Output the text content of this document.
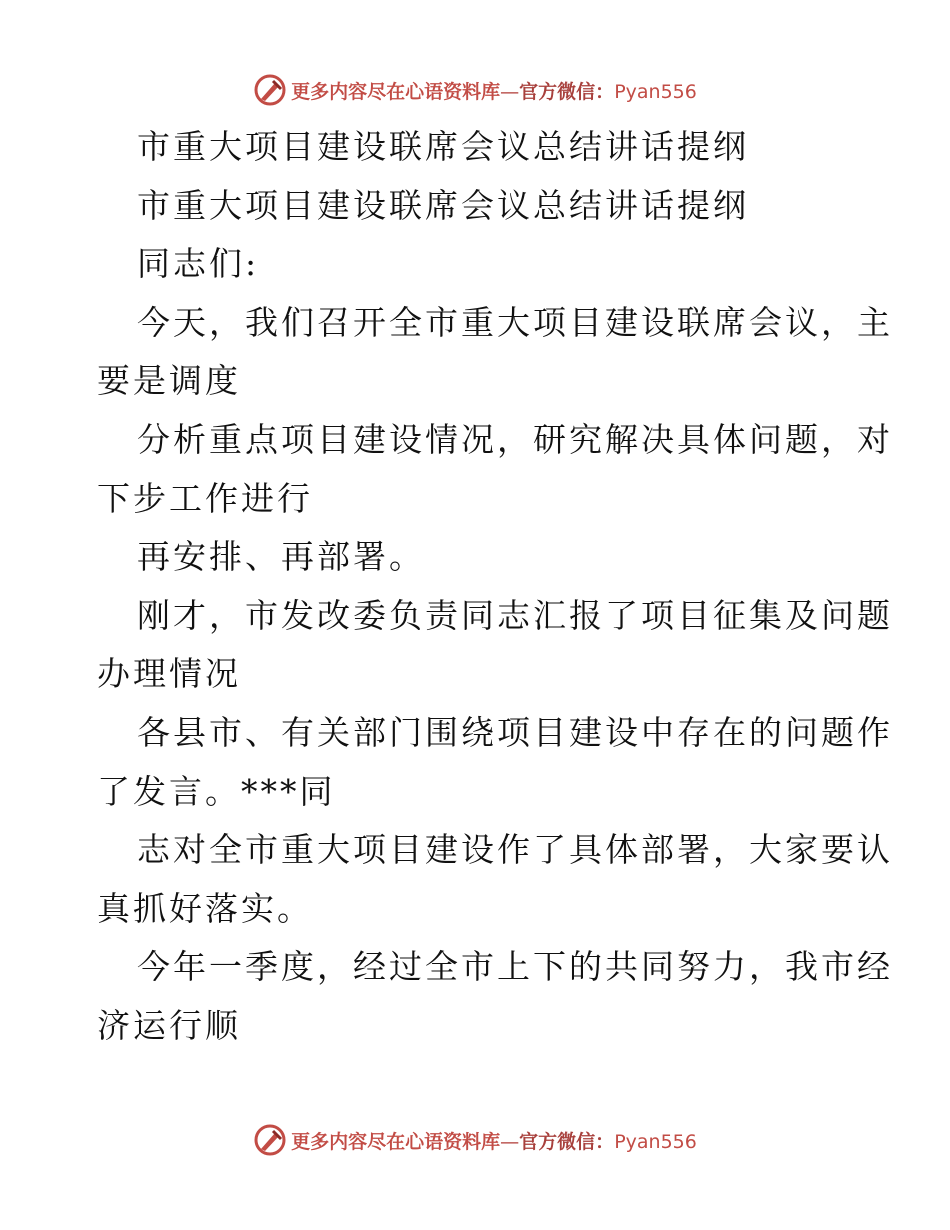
更多内容尽在心语资料库—官方微信：Pyan556
市重大项目建设联席会议总结讲话提纲
市重大项目建设联席会议总结讲话提纲
同志们:
今天，我们召开全市重大项目建设联席会议，主
要是调度
分析重点项目建设情况，研究解决具体问题，对
下步工作进行
再安排、再部署。
刚才，市发改委负责同志汇报了项目征集及问题
办理情况
各县市、有关部门围绕项目建设中存在的问题作
了发言。***同
志对全市重大项目建设作了具体部署，大家要认
真抓好落实。
今年一季度，经过全市上下的共同努力，我市经
济运行顺
更多内容尽在心语资料库—官方微信：Pyan556
